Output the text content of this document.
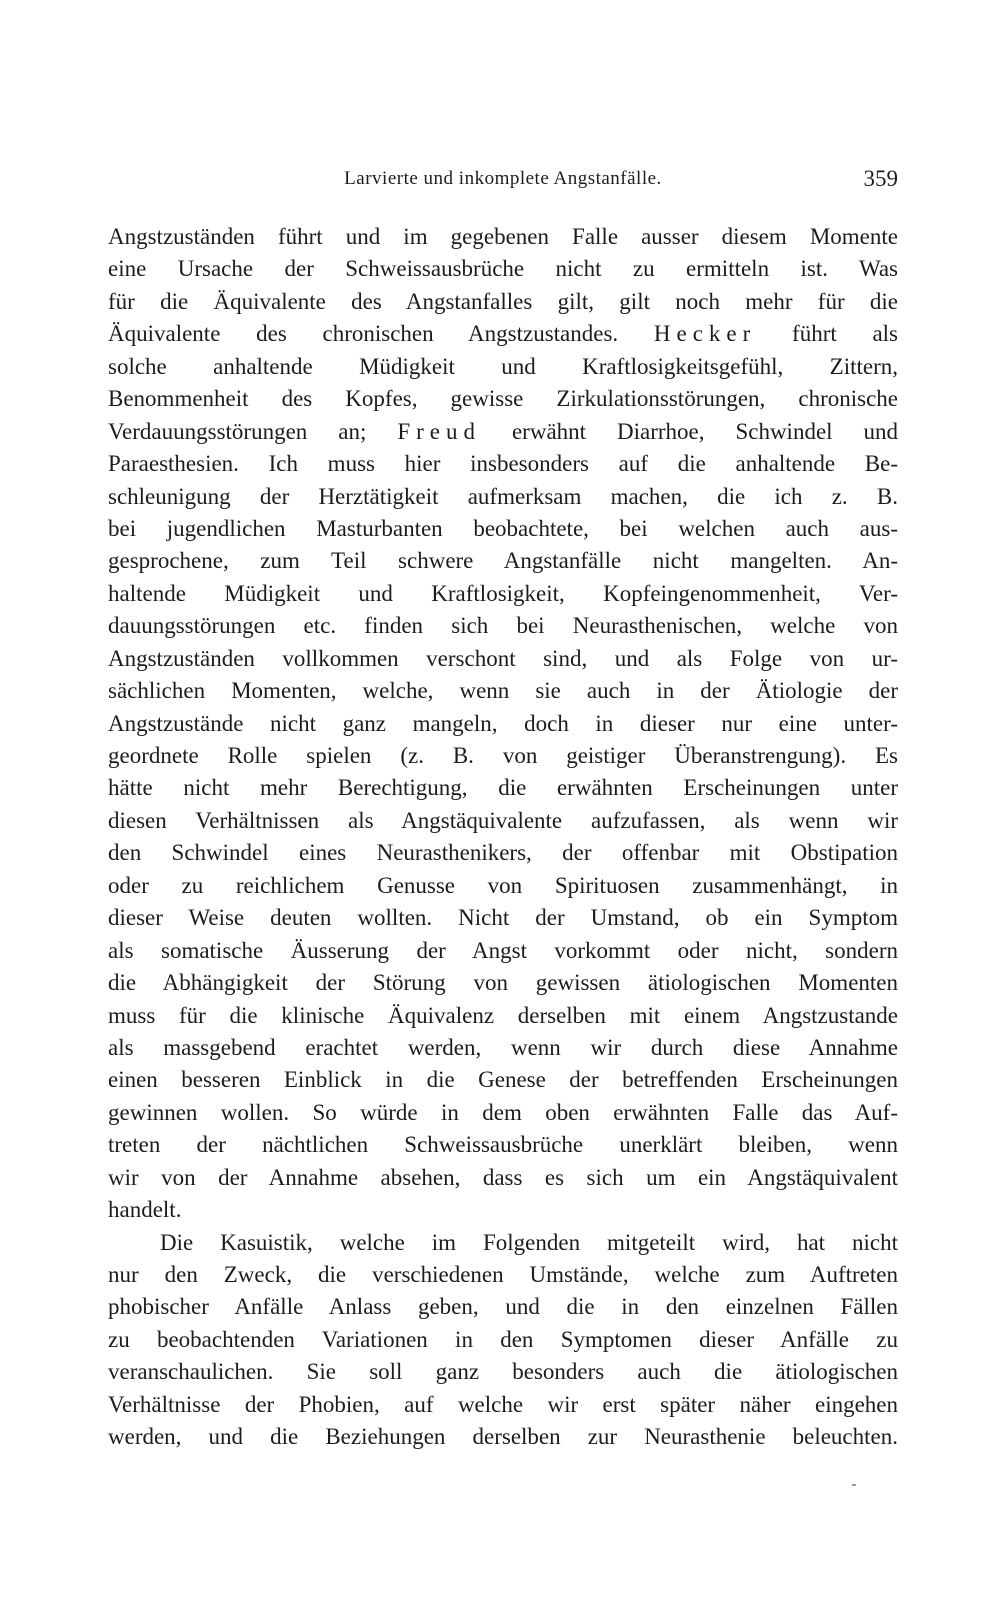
Larvierte und inkomplete Angstanfälle.	359
Angstzuständen führt und im gegebenen Falle ausser diesem Momente
eine Ursache der Schweissausbrüche nicht zu ermitteln ist. Was
für die Äquivalente des Angstanfalles gilt, gilt noch mehr für die
Äquivalente des chronischen Angstzustandes. Hecker führt als
solche anhaltende Müdigkeit und Kraftlosigkeitsgefühl, Zittern,
Benommenheit des Kopfes, gewisse Zirkulationsstörungen, chronische
Verdauungsstörungen an; Freud erwähnt Diarrhoe, Schwindel und
Paraesthesien. Ich muss hier insbesonders auf die anhaltende Be-
schleunigung der Herztätigkeit aufmerksam machen, die ich z. B.
bei jugendlichen Masturbanten beobachtete, bei welchen auch aus-
gesprochene, zum Teil schwere Angstanfälle nicht mangelten. An-
haltende Müdigkeit und Kraftlosigkeit, Kopfeingenommenheit, Ver-
dauungsstörungen etc. finden sich bei Neurasthenischen, welche von
Angstzuständen vollkommen verschont sind, und als Folge von ur-
sächlichen Momenten, welche, wenn sie auch in der Ätiologie der
Angstzustände nicht ganz mangeln, doch in dieser nur eine unter-
geordnete Rolle spielen (z. B. von geistiger Überanstrengung). Es
hätte nicht mehr Berechtigung, die erwähnten Erscheinungen unter
diesen Verhältnissen als Angstäquivalente aufzufassen, als wenn wir
den Schwindel eines Neurasthenikers, der offenbar mit Obstipation
oder zu reichlichem Genusse von Spirituosen zusammenhängt, in
dieser Weise deuten wollten. Nicht der Umstand, ob ein Symptom
als somatische Äusserung der Angst vorkommt oder nicht, sondern
die Abhängigkeit der Störung von gewissen ätiologischen Momenten
muss für die klinische Äquivalenz derselben mit einem Angstzustande
als massgebend erachtet werden, wenn wir durch diese Annahme
einen besseren Einblick in die Genese der betreffenden Erscheinungen
gewinnen wollen. So würde in dem oben erwähnten Falle das Auf-
treten der nächtlichen Schweissausbrüche unerklärt bleiben, wenn
wir von der Annahme absehen, dass es sich um ein Angstäquivalent
handelt.
Die Kasuistik, welche im Folgenden mitgeteilt wird, hat nicht
nur den Zweck, die verschiedenen Umstände, welche zum Auftreten
phobischer Anfälle Anlass geben, und die in den einzelnen Fällen
zu beobachtenden Variationen in den Symptomen dieser Anfälle zu
veranschaulichen. Sie soll ganz besonders auch die ätiologischen
Verhältnisse der Phobien, auf welche wir erst später näher eingehen
werden, und die Beziehungen derselben zur Neurasthenie beleuchten.
